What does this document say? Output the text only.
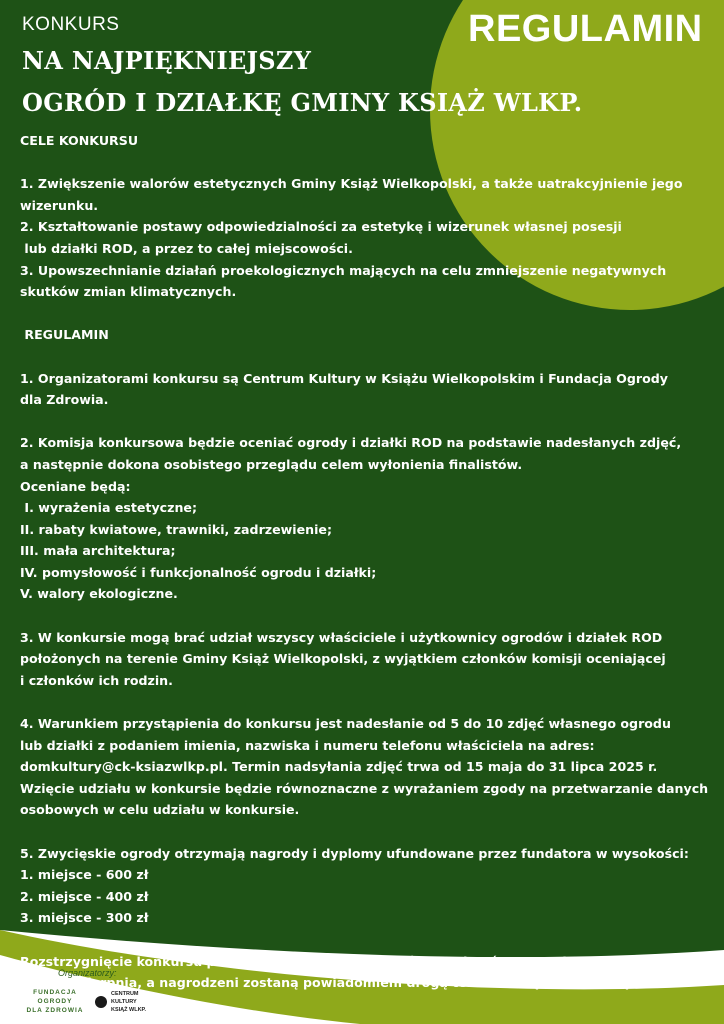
KONKURS	REGULAMIN
NA NAJPIĘKNIEJSZY
OGRÓD I DZIAŁKĘ GMINY KSIĄŻ WLKP.

CELE KONKURSU

1. Zwiększenie walorów estetycznych Gminy Książ Wielkopolski, a także uatrakcyjnienie jego

wizerunku.

2. Kształtowanie postawy odpowiedzialności za estetykę i wizerunek własnej posesji

lub działki ROD, a przez to całej miejscowości.

3. Upowszechnianie działań proekologicznych mających na celu zmniejszenie negatywnych

skutków zmian klimatycznych.

REGULAMIN

1. Organizatorami konkursu są Centrum Kultury w Książu Wielkopolskim i Fundacja Ogrody

dla Zdrowia.

2. Komisja konkursowa będzie oceniać ogrody i działki ROD na podstawie nadesłanych zdjęć,

a następnie dokona osobistego przeglądu celem wyłonienia finalistów.

Oceniane będą:

I. wyrażenia estetyczne;

II. rabaty kwiatowe, trawniki, zadrzewienie;

III. mała architektura;

IV. pomysłowość i funkcjonalność ogrodu i działki;

V. walory ekologiczne.

3. W konkursie mogą brać udział wszyscy właściciele i użytkownicy ogrodów i działek ROD

położonych na terenie Gminy Książ Wielkopolski, z wyjątkiem członków komisji oceniającej

i członków ich rodzin.

4. Warunkiem przystąpienia do konkursu jest nadesłanie od 5 do 10 zdjęć własnego ogrodu

lub działki z podaniem imienia, nazwiska i numeru telefonu właściciela na adres:

domkultury@ck-ksiazwlkp.pl. Termin nadsyłania zdjęć trwa od 15 maja do 31 lipca 2025 r.

Wzięcie udziału w konkursie będzie równoznaczne z wyrażaniem zgody na przetwarzanie danych

osobowych w celu udziału w konkursie.

5. Zwycięskie ogrody otrzymają nagrody i dyplomy ufundowane przez fundatora w wysokości:

1. miejsce - 600 zł

2. miejsce - 400 zł

3. miejsce - 300 zł

Rozstrzygnięcie konkursu połączone z rozdaniem nagród i dyplomów nastąpi w drugiej

połowie sierpnia, a nagrodzeni zostaną powiadomieni drogą telefoniczną lub mailową.

Organizatorzy:
FUNDACJA
OGRODY
DLA ZDROWIA
CENTRUM
KULTURY
KSIĄŻ WLKP.
